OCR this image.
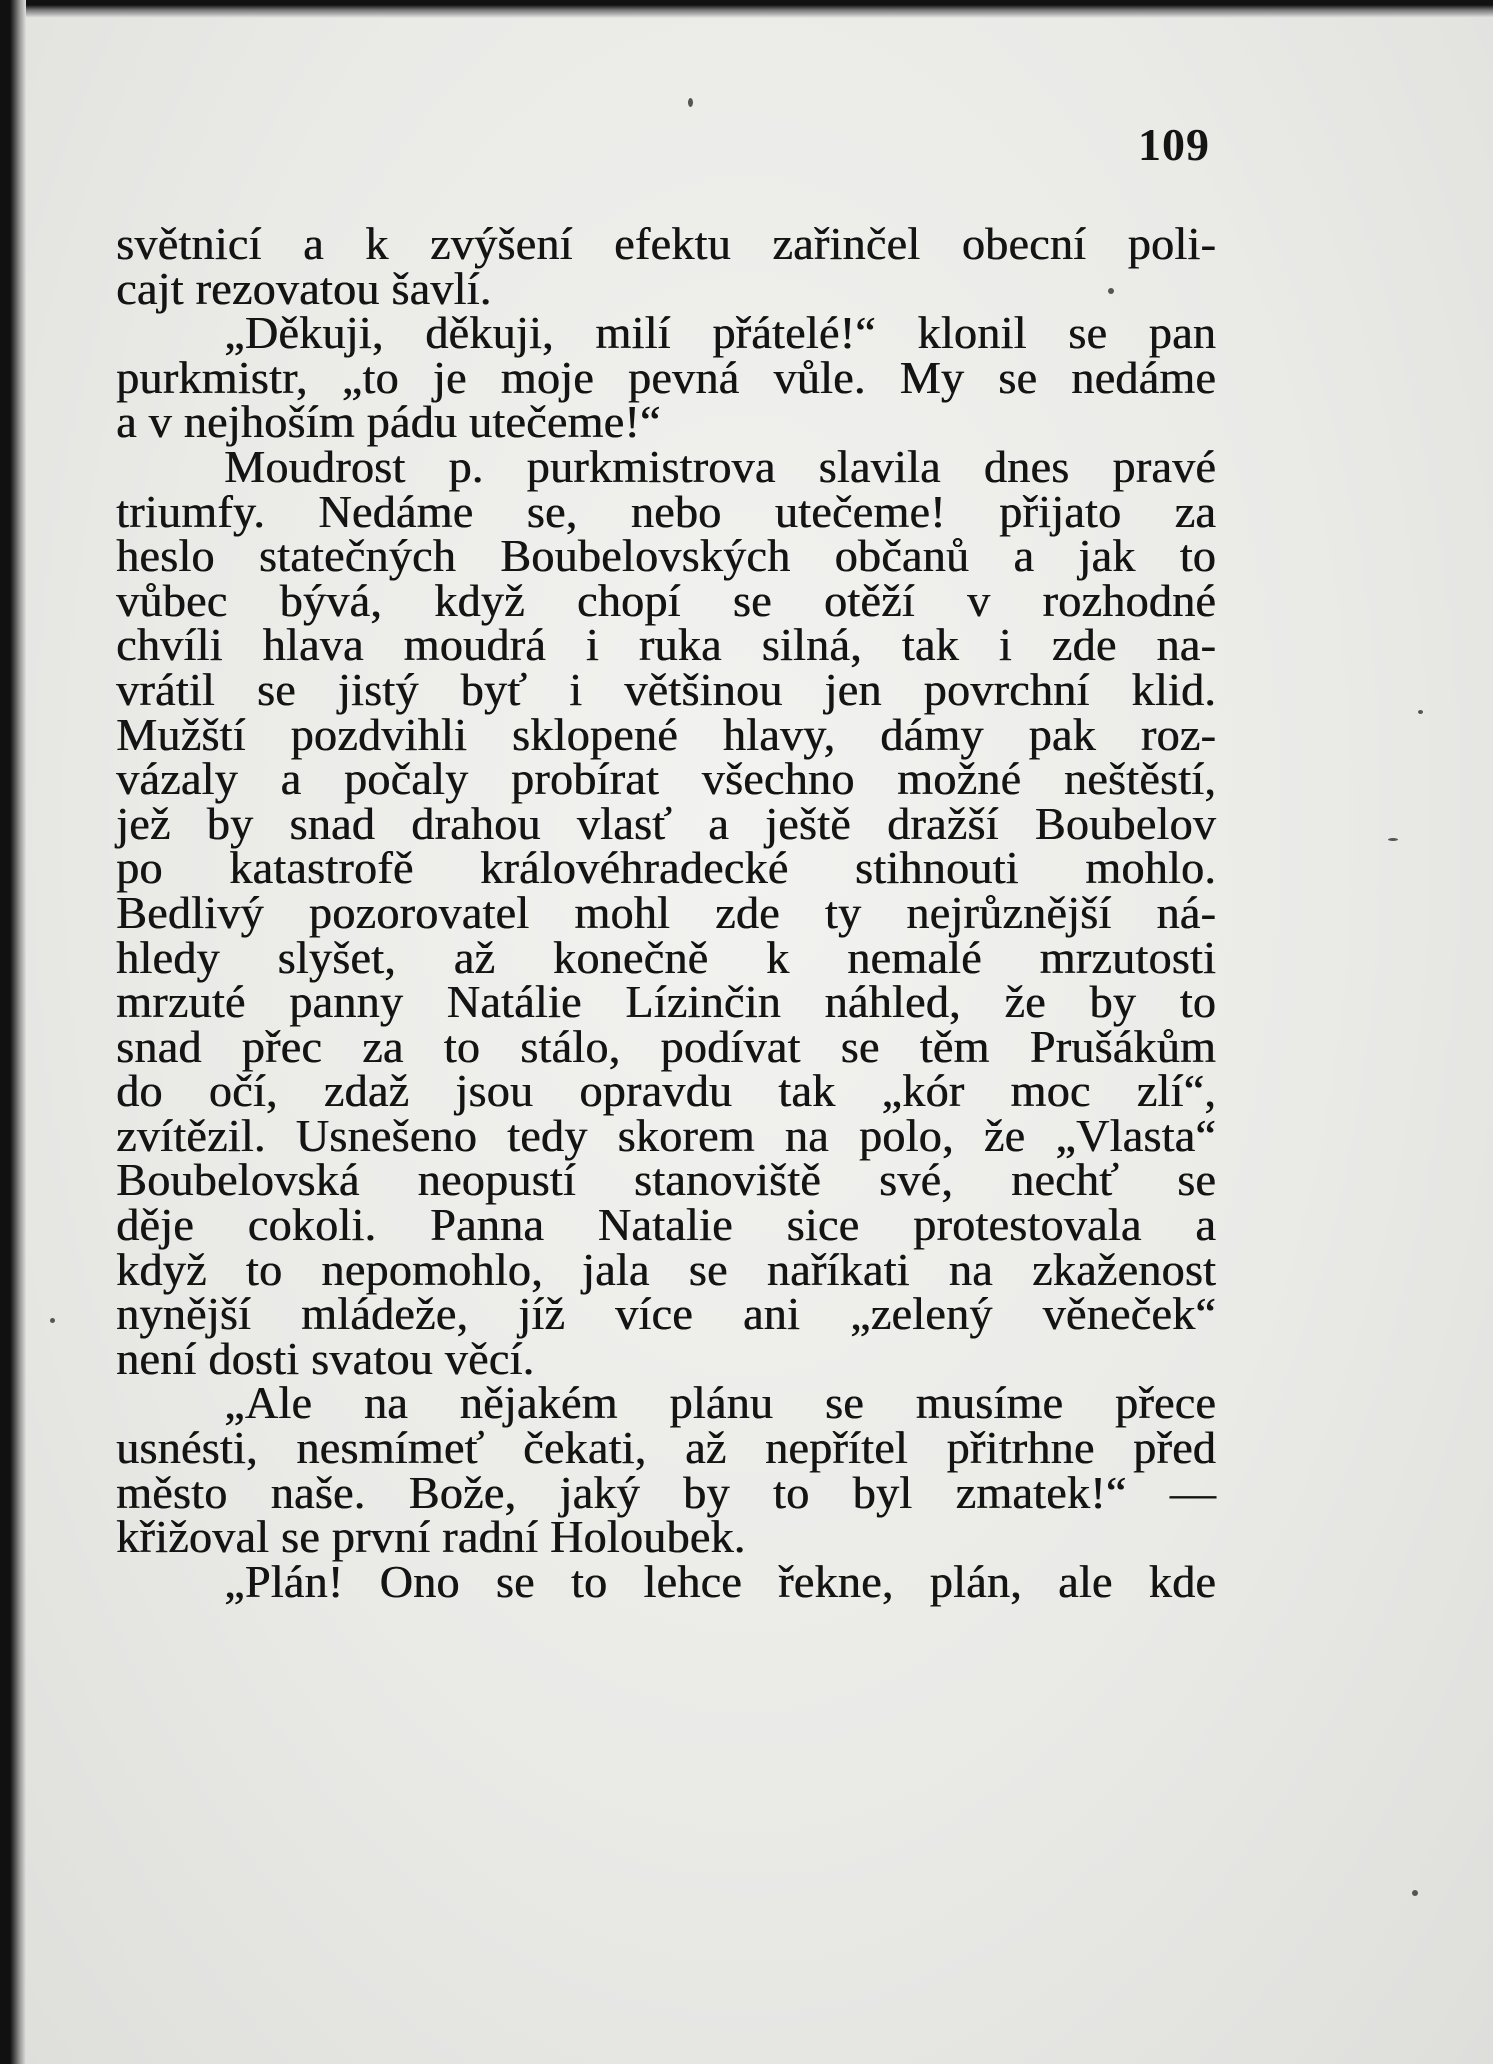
109
světnicí a k zvýšení efektu zařinčel obecní poli-
cajt rezovatou šavlí.
„Děkuji, děkuji, milí přátelé!“ klonil se pan
purkmistr, „to je moje pevná vůle. My se nedáme
a v nejhoším pádu utečeme!“
Moudrost p. purkmistrova slavila dnes pravé
triumfy. Nedáme se, nebo utečeme! přijato za
heslo statečných Boubelovských občanů a jak to
vůbec bývá, když chopí se otěží v rozhodné
chvíli hlava moudrá i ruka silná, tak i zde na-
vrátil se jistý byť i většinou jen povrchní klid.
Mužští pozdvihli sklopené hlavy, dámy pak roz-
vázaly a počaly probírat všechno možné neštěstí,
jež by snad drahou vlasť a ještě dražší Boubelov
po katastrofě královéhradecké stihnouti mohlo.
Bedlivý pozorovatel mohl zde ty nejrůznější ná-
hledy slyšet, až konečně k nemalé mrzutosti
mrzuté panny Natálie Lízinčin náhled, že by to
snad přec za to stálo, podívat se těm Prušákům
do očí, zdaž jsou opravdu tak „kór moc zlí“,
zvítězil. Usnešeno tedy skorem na polo, že „Vlasta“
Boubelovská neopustí stanoviště své, nechť se
děje cokoli. Panna Natalie sice protestovala a
když to nepomohlo, jala se naříkati na zkaženost
nynější mládeže, jíž více ani „zelený věneček“
není dosti svatou věcí.
„Ale na nějakém plánu se musíme přece
usnésti, nesmímeť čekati, až nepřítel přitrhne před
město naše. Bože, jaký by to byl zmatek!“ —
křižoval se první radní Holoubek.
„Plán! Ono se to lehce řekne, plán, ale kde
